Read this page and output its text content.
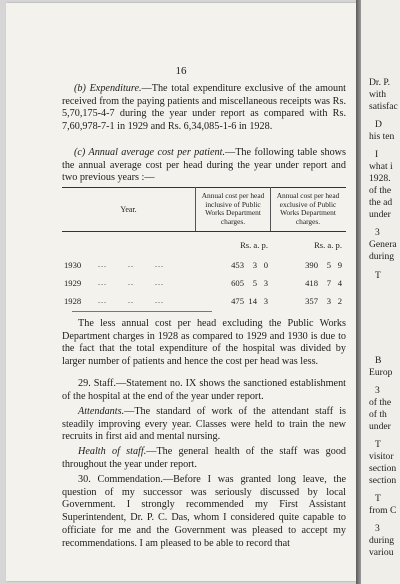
16
(b) Expenditure.—The total expenditure exclusive of the amount received from the paying patients and miscellaneous receipts was Rs. 5,70,175-4-7 during the year under report as compared with Rs. 7,60,978-7-1 in 1929 and Rs. 6,34,085-1-6 in 1928.
(c) Annual average cost per patient.—The following table shows the annual average cost per head during the year under report and two previous years :—
Year.
Annual cost per head inclusive of Public Works Department charges.
Annual cost per head exclusive of Public Works Department charges.
Rs. a. p.	Rs. a. p.
1930 ...       ..       ...	453	3 0	390	5 9
1929 ...       ..       ...	605	5 3	418	7 4
1928 ...       ..       ...	475 14 3	357	3 2
The less annual cost per head excluding the Public Works Department charges in 1928 as compared to 1929 and 1930 is due to the fact that the total expenditure of the hospital was divided by larger number of patients and hence the cost per head was less.
29. Staff.—Statement no. IX shows the sanctioned establishment of the hospital at the end of the year under report.
Attendants.—The standard of work of the attendant staff is steadily improving every year. Classes were held to train the new recruits in first aid and mental nursing.
Health of staff.—The general health of the staff was good throughout the year under report.
30. Commendation.—Before I was granted long leave, the question of my successor was seriously discussed by local Government. I strongly recommended my First Assistant Superintendent, Dr. P. C. Das, whom I considered quite capable to officiate for me and the Government was pleased to accept my recommendations. I am pleased to be able to record that
Dr. P.
with
satisfac
D
his ten
I
what i
1928.
of the
the ad
under
3
Genera
during
T
B
Europ
3
of the
of th
under
T
visitor
section
section
T
from C
3
during
variou
